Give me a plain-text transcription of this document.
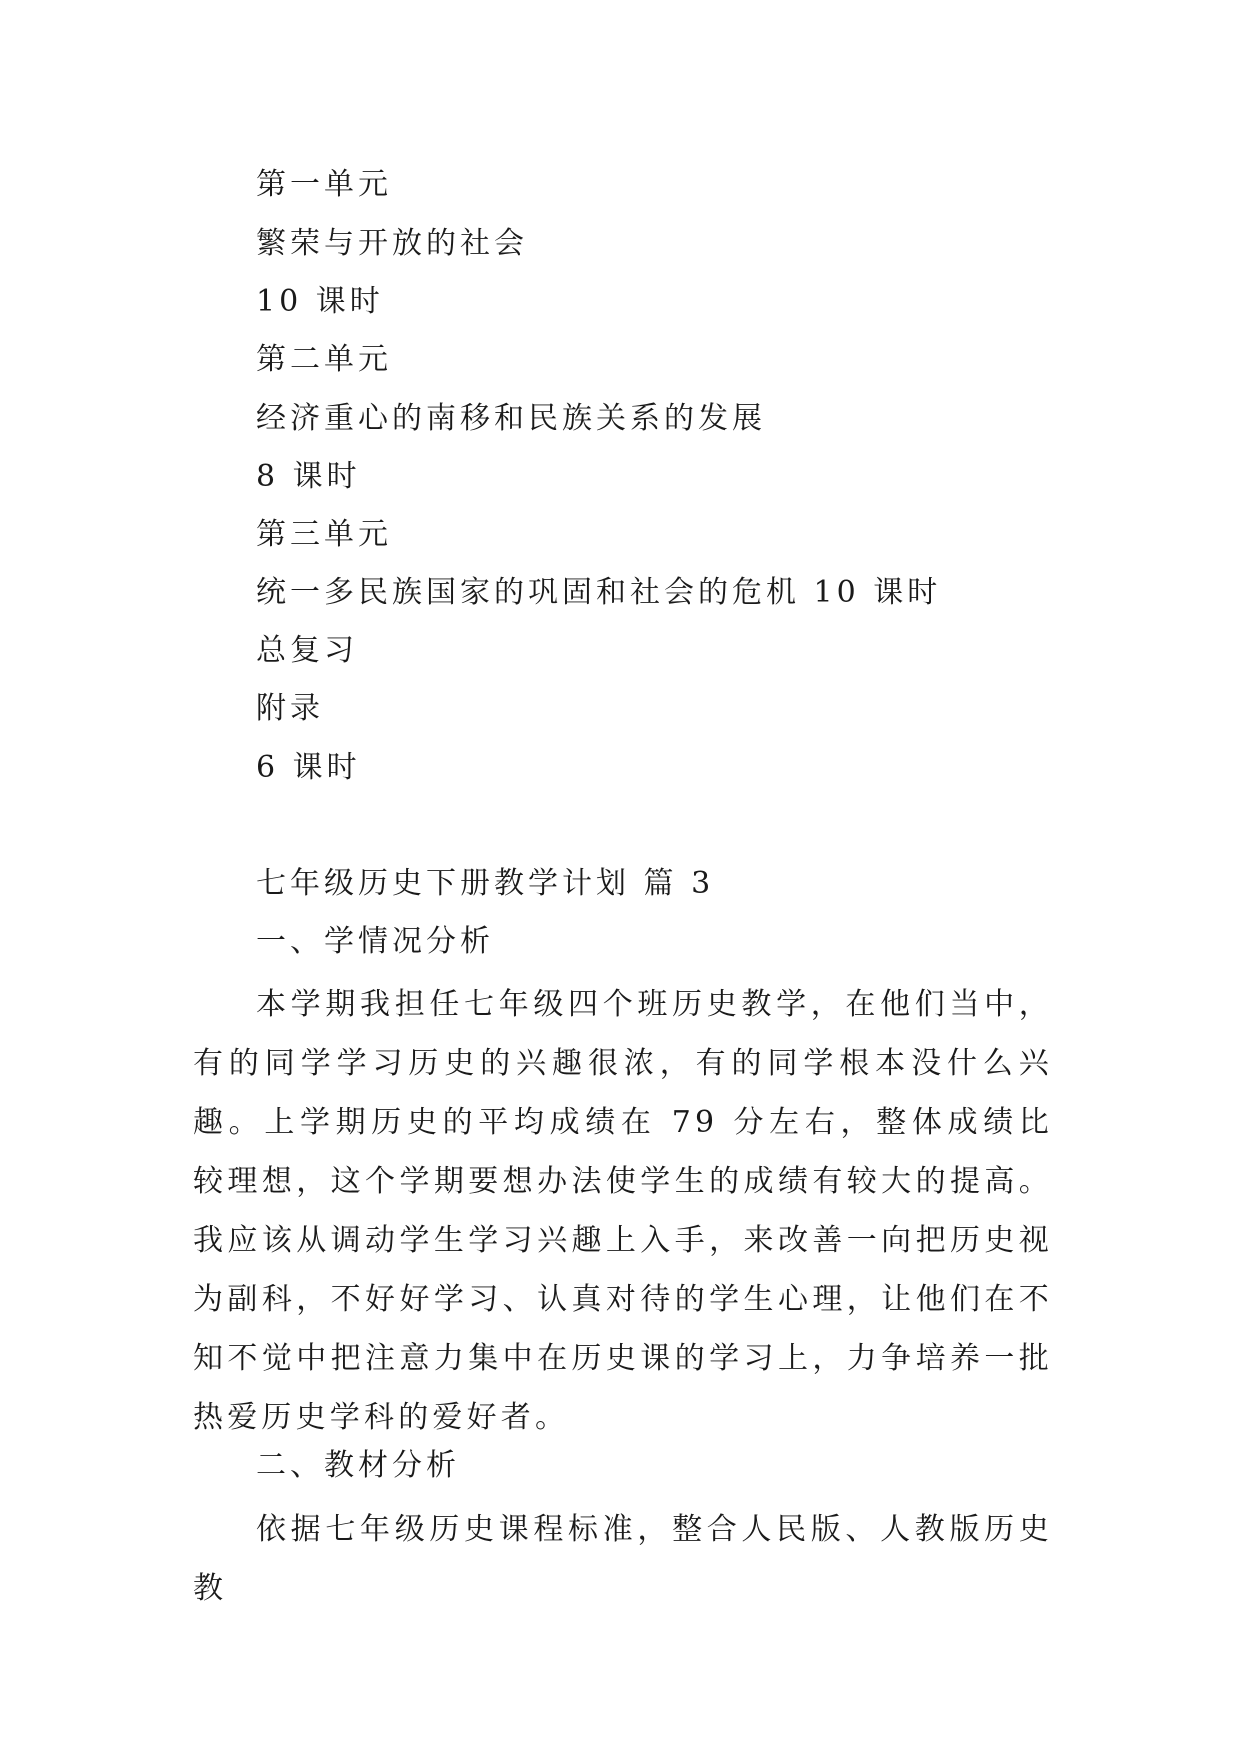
第一单元
繁荣与开放的社会
10 课时
第二单元
经济重心的南移和民族关系的发展
8 课时
第三单元
统一多民族国家的巩固和社会的危机 10 课时
总复习
附录
6 课时
七年级历史下册教学计划 篇 3
一、学情况分析
本学期我担任七年级四个班历史教学，在他们当中，有的同学学习历史的兴趣很浓，有的同学根本没什么兴趣。上学期历史的平均成绩在 79 分左右，整体成绩比较理想，这个学期要想办法使学生的成绩有较大的提高。我应该从调动学生学习兴趣上入手，来改善一向把历史视为副科，不好好学习、认真对待的学生心理，让他们在不知不觉中把注意力集中在历史课的学习上，力争培养一批热爱历史学科的爱好者。
二、教材分析
依据七年级历史课程标准，整合人民版、人教版历史教
